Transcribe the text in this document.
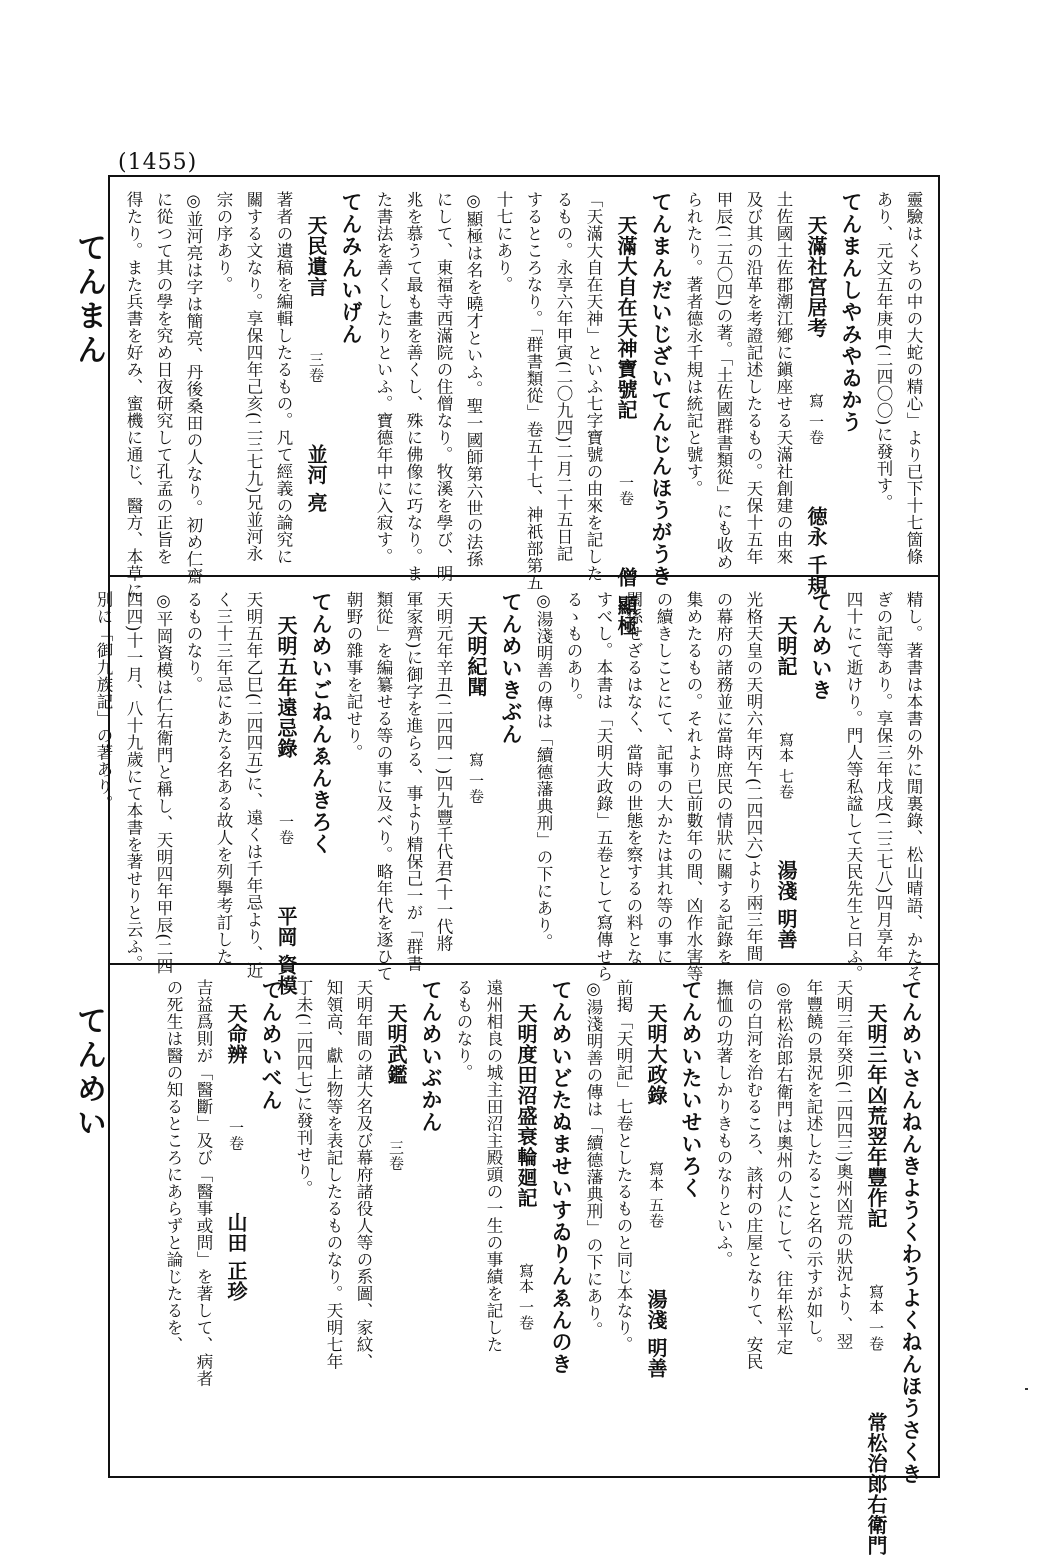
(1455)
てんまん
てんめい
靈驗はくちの中の大蛇の精心」より已下十七箇條
あり、元文五年庚申(二四〇〇)に發刊す。
てんまんしやみやゐかう
天滿社宮居考　　寫 一卷　　徳永 千規
土佐國土佐郡潮江鄕に鎭座せる天滿社創建の由來
及び其の沿革を考證記述したるもの。天保十五年
甲辰(二五〇四)の著。「土佐國群書類從」にも收め
られたり。著者德永千規は統記と號す。
てんまんだいじざいてんじんほうがうき
天滿大自在天神寶號記　　一卷　　僧 顯極
「天滿大自在天神」といふ七字寶號の由來を記した
るもの。永享六年甲寅(二〇九四)二月二十五日記
するところなり。「群書類從」卷五十七、神祇部第五
十七にあり。
◎顯極は名を曉才といふ。聖一國師第六世の法孫
にして、東福寺西滿院の住僧なり。牧溪を學び、明
兆を慕うて最も畫を善くし、殊に佛像に巧なり。ま
た書法を善くしたりといふ。寶德年中に入寂す。
てんみんいげん
天民遺言　　三卷　　並河 亮
著者の遺稿を編輯したるもの。凡て經義の論究に
關する文なり。享保四年己亥(二三七九)兄並河永
宗の序あり。
◎並河亮は字は簡亮、丹後桑田の人なり。初め仁齋
に從つて其の學を究め日夜研究して孔孟の正旨を
得たり。また兵書を好み、蜜機に通じ、醫方、本草に
精し。著書は本書の外に閒裏錄、松山晴語、かたそ
ぎの記等あり。享保三年戊戌(二三七八)四月享年
四十にて逝けり。門人等私諡して天民先生と曰ふ。
てんめいき
天明記　　寫本 七卷　　湯淺 明善
光格天皇の天明六年丙午(二四四六)より兩三年間
の幕府の諸務並に當時庶民の情狀に關する記錄を
集めたるもの。それより已前數年の間、凶作水害等
の續きしことにて、記事の大かたは其れ等の事に
關係せざるはなく、當時の世態を察するの料とな
すべし。本書は「天明大政錄」五卷として寫傳せら
るゝものあり。
◎湯淺明善の傳は「續德藩典刑」の下にあり。
てんめいきぶん
天明紀聞　　寫 一卷
天明元年辛丑(二四四一)四九豐千代君(十一代將
軍家齊)に御字を進らる、事より精保己一が「群書
類從」を編纂せる等の事に及べり。略年代を逐ひて
朝野の雜事を記せり。
てんめいごねんゑんきろく
天明五年遠忌錄　　一卷　　平岡 資模
天明五年乙巳(二四四五)に、遠くは千年忌より、近
く三十三年忌にあたる名ある故人を列擧考訂した
るものなり。
◎平岡資模は仁右衛門と稱し、天明四年甲辰(二四
四四)十一月、八十九歲にて本書を著せりと云ふ。
別に「御九族記」の著あり。
てんめいさんねんきようくわうよくねんほうさくき
天明三年凶荒翌年豐作記　　寫本 一卷　　常松治郎右衛門
天明三年癸卯(二四四三)奧州凶荒の狀況より、翌
年豐饒の景況を記述したること名の示すが如し。
◎常松治郎右衛門は奧州の人にして、往年松平定
信の白河を治むるころ、該村の庄屋となりて、安民
撫恤の功著しかりきものなりといふ。
てんめいたいせいろく
天明大政錄　　寫本 五卷　　湯淺 明善
前掲「天明記」七卷としたるものと同じ本なり。
◎湯淺明善の傳は「續德藩典刑」の下にあり。
てんめいどたぬませいすゐりんゑんのき
天明度田沼盛衰輪廻記　　寫本 一卷
遠州相良の城主田沼主殿頭の一生の事績を記した
るものなり。
てんめいぶかん
天明武鑑　　三卷
天明年間の諸大名及び幕府諸役人等の系圖、家紋、
知領高、獻上物等を表記したるものなり。天明七年
丁未(二四四七)に發刊せり。
てんめいべん
天命辨　　一卷　　山田 正珍
吉益爲則が「醫斷」及び「醫事或問」を著して、病者
の死生は醫の知るところにあらずと論じたるを、
